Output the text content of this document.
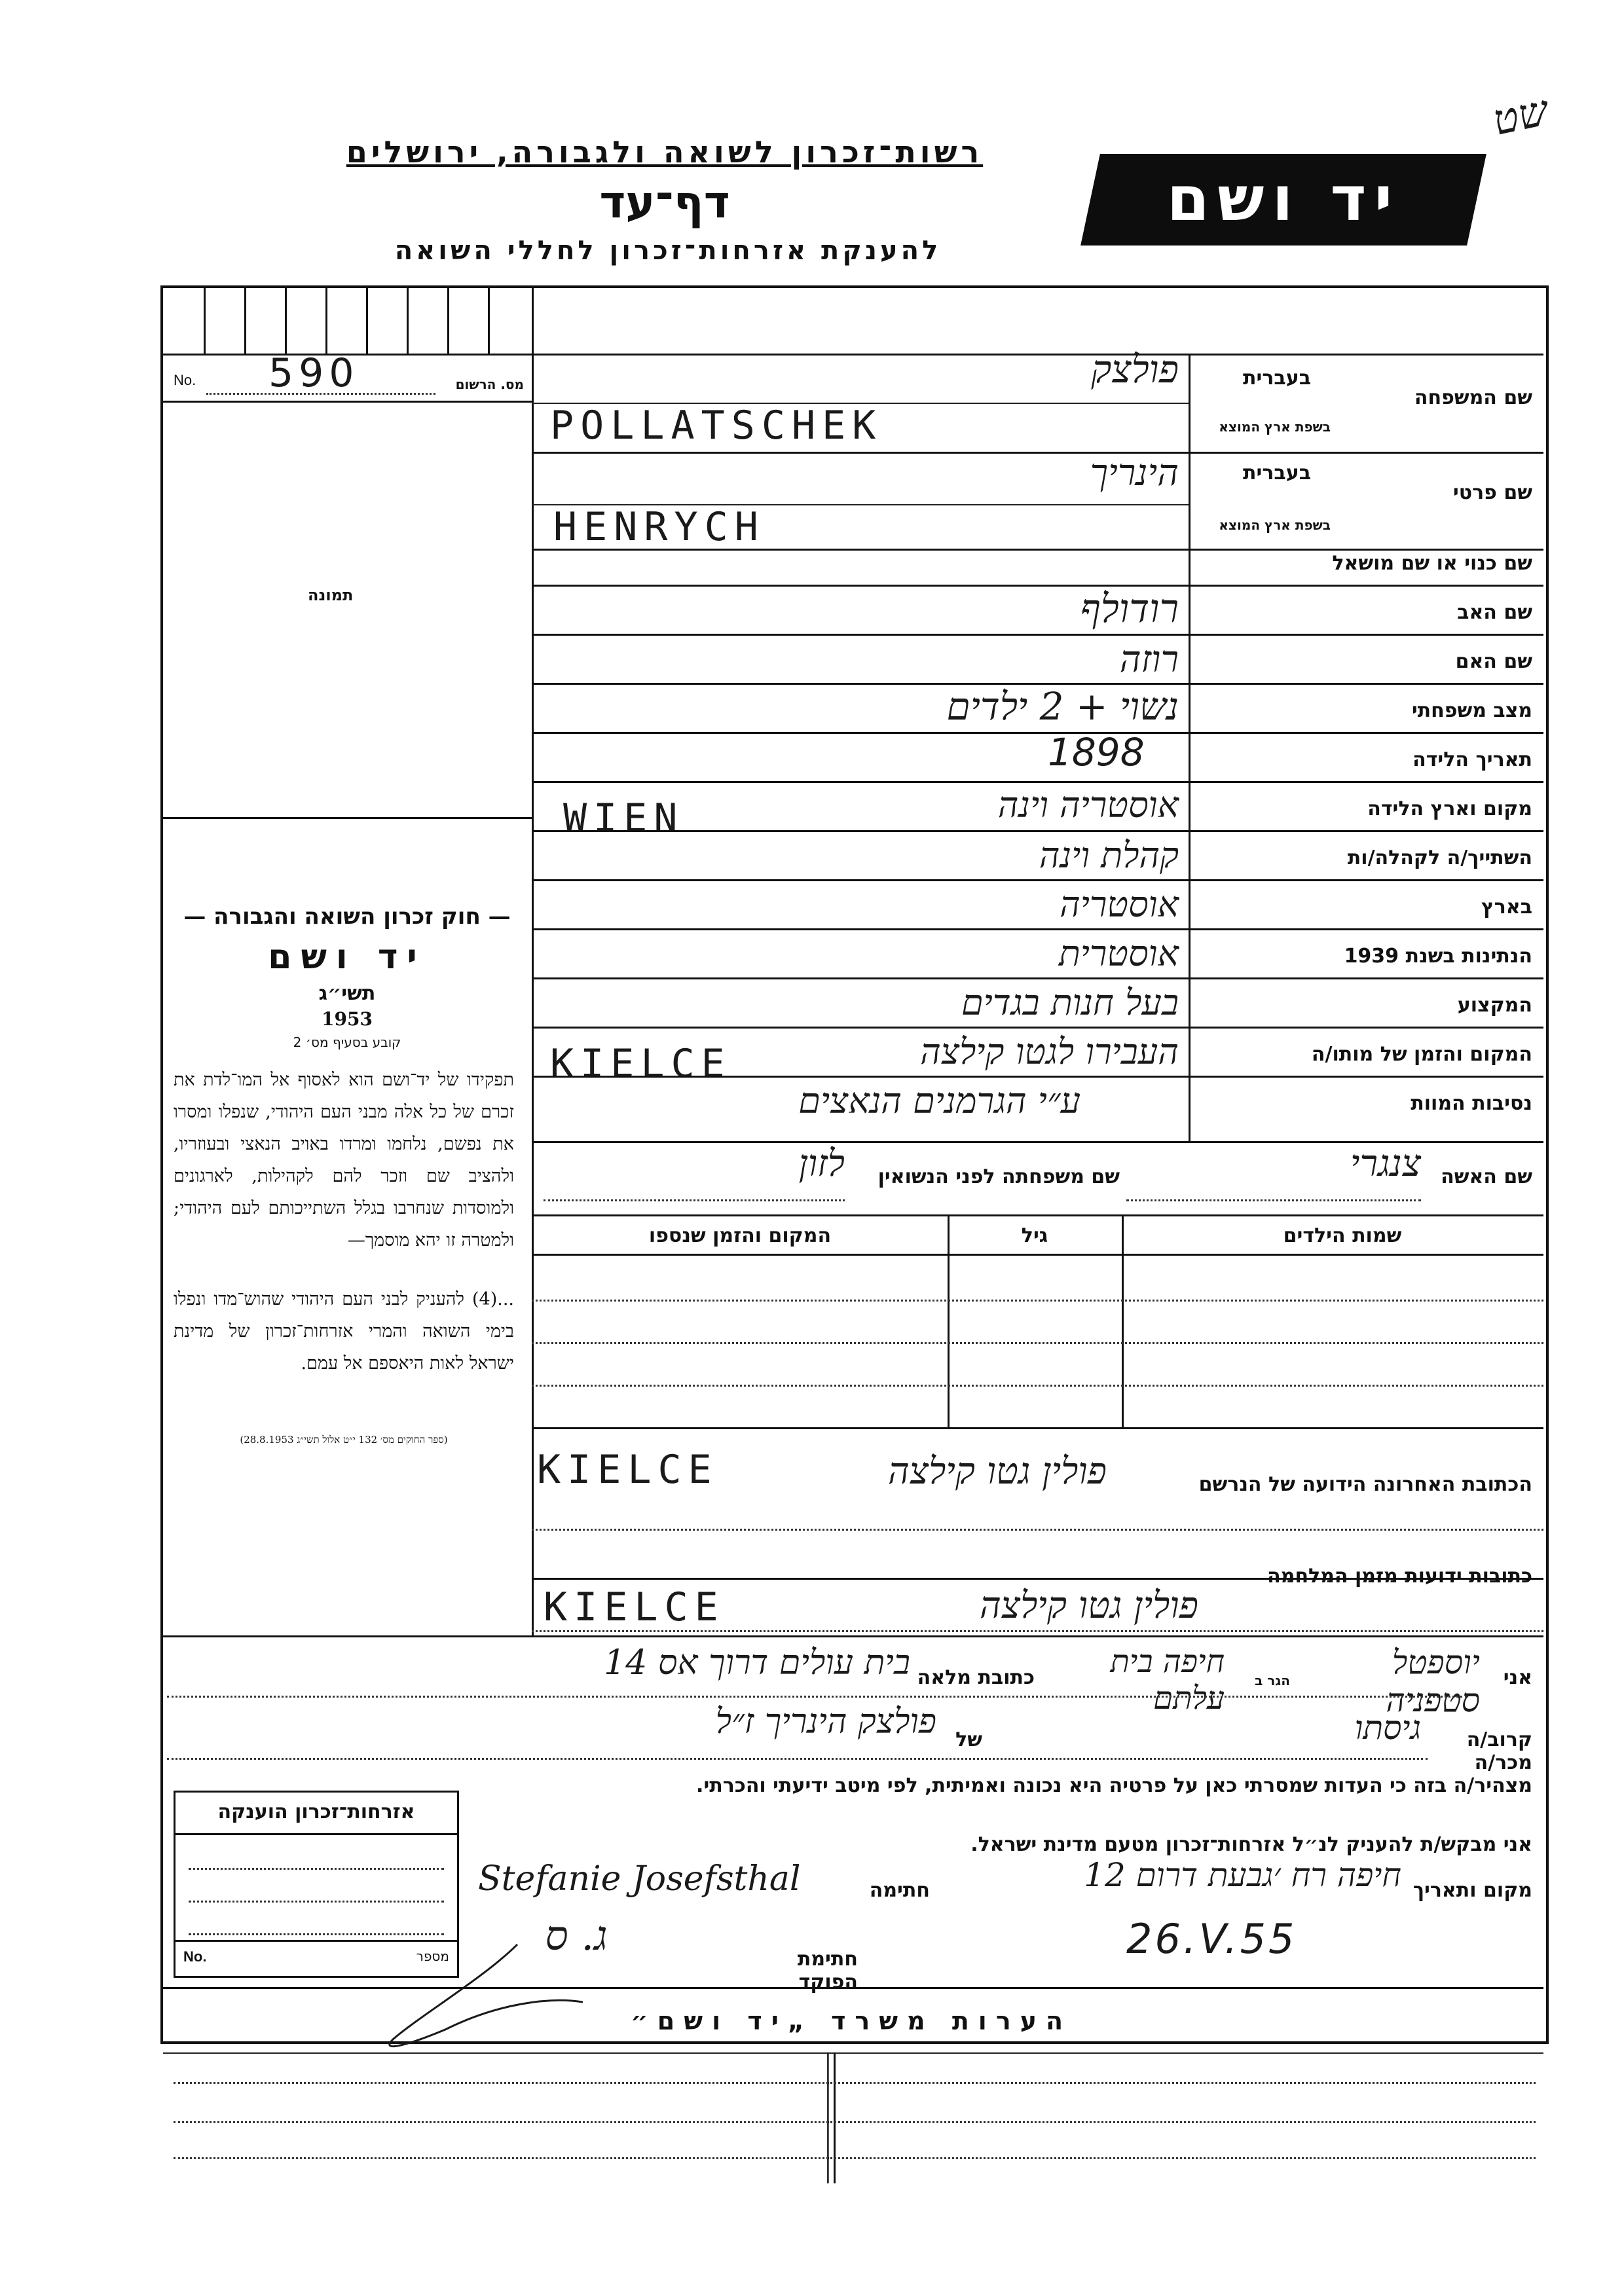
שט
רשות־זכרון לשואה ולגבורה, ירושלים
דף־עד
להענקת אזרחות־זכרון לחללי השואה
יד ושם
No. 590	מס. הרשום
תמונה
בעברית
שם המשפחה
בשפת ארץ המוצא
פולצק
POLLATSCHEK
בעברית
שם פרטי
בשפת ארץ המוצא
הינריך
HENRYCH
שם כנוי או שם מושאל
שם האב
רודולף
שם האם
רוזה
מצב משפחתי
נשוי + 2 ילדים
תאריך הלידה
1898
מקום וארץ הלידה
אוסטריה וינה
WIEN
השתייך/ה לקהלה/ות
קהלת וינה
בארץ
אוסטריה
הנתינות בשנת 1939
אוסטרית
המקצוע
בעל חנות בגדים
המקום והזמן של מותו/ה
העבירו לגטו קילצה
KIELCE
נסיבות המוות
ע״י הגרמנים הנאצים
שם האשה
צנגרי
שם משפחתה לפני הנשואין
לזון
שמות הילדים
גיל
המקום והזמן שנספו
— חוק זכרון השואה והגבורה —
יד ושם
תשי״ג
1953
קובע בסעיף מס׳ 2
תפקידו של יד־ושם הוא לאסוף אל המו־לדת את זכרם של כל אלה מבני העם היהודי, שנפלו ומסרו את נפשם, נלחמו ומרדו באויב הנאצי ובעוזריו, ולהציב שם וזכר להם לקהילות, לארגונים ולמוסדות שנחרבו בגלל השתייכותם לעם היהודי; ולמטרה זו יהא מוסמך—
...(4) להעניק לבני העם היהודי שהוש־מדו ונפלו בימי השואה והמרי אזרחות־זכרון של מדינת ישראל לאות היאספם אל עמם.
(ספר החוקים מס׳ 132 י״ט אלול תשי״ג 28.8.1953)
הכתובת האחרונה הידועה של הנרשם
פולין גטו קילצה
KIELCE
כתובות ידועות מזמן המלחמה
פולין גטו קילצה
KIELCE
אני
יוספטל סטפניה
הגר ב
חיפה בית עלתם
כתובת מלאה
בית עולים דרוך אס 14
קרוב/ה מכר/ה
גיסתו
של
פולצק הינריך ז״ל
מצהיר/ה בזה כי העדות שמסרתי כאן על פרטיה היא נכונה ואמיתית, לפי מיטב ידיעתי והכרתי.
אני מבקש/ת להעניק לנ״ל אזרחות־זכרון מטעם מדינת ישראל.
מקום ותאריך
חיפה רח ׳גבעת דרום 12
26.V.55
חתימה
Stefanie Josefsthal
חתימת הפוקד
ג. ס
אזרחות־זכרון הוענקה
No.	מספר
הערות משרד „יד ושם״
